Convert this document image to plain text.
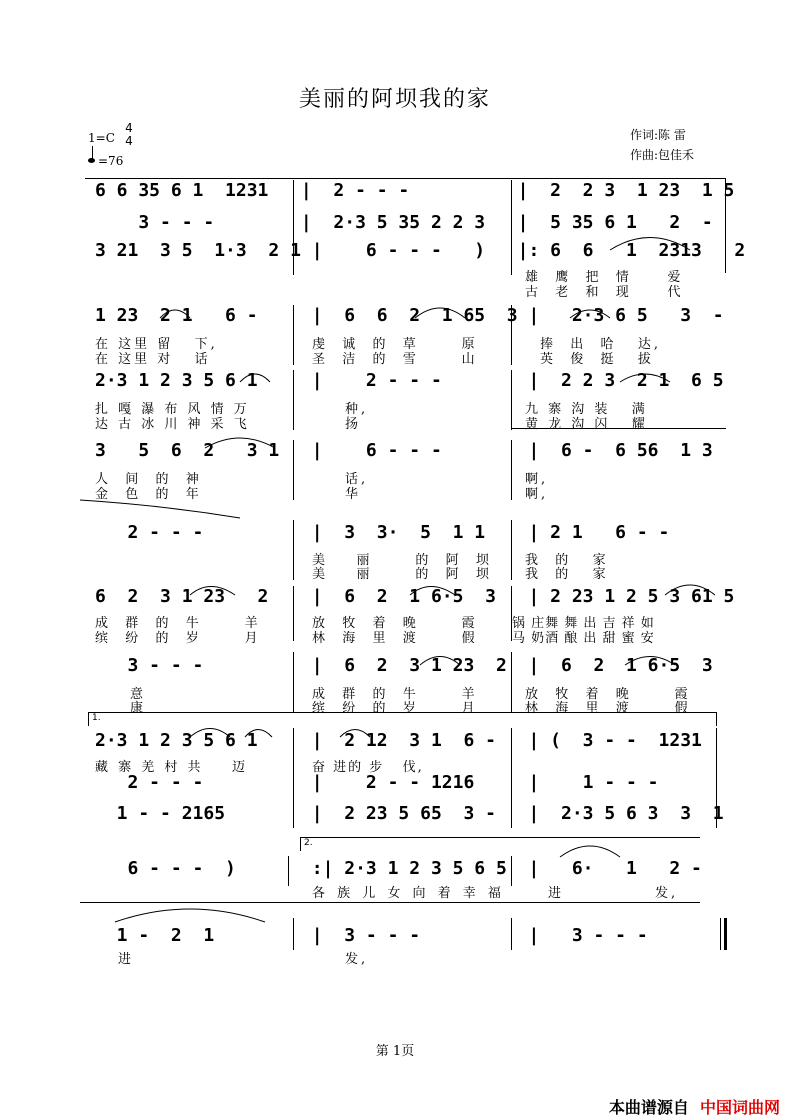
美丽的阿坝我的家
1=C
4
4
=76
作词:陈 雷
作曲:包佳禾
6 6 35 6 1  1231   |  2 - - -          |  2  2 3  1 23  1 5
3 - - -        |  2·3 5 35 2 2 3   |  5 35 6 1   2  -
3 21  3 5  1·3  2 1 |    6 - - -   )   |: 6  6   1  2313   2
雄  鹰  把  情     爱
古  老  和  现     代
1 23  2 1   6 -     |  6  6  2  1 65  3 |   2·3 6 5   3  -
在 这里 留   下,
在 这里 对   话
虔  诚  的  草      原
圣  洁  的  雪      山
捧  出  哈   达,
英  俊  挺   拔
2·3 1 2 3 5 6 1     |    2 - - -        |  2 2 3  2 1  6 5
扎 嘎 瀑 布 风 情 万
达 古 冰 川 神 采 飞
种,
扬
九 寨 沟 装   满
黄 龙 沟 闪   耀
3   5  6  2   3 1   |    6 - - -        |  6 -  6 56  1 3
人  间  的  神
金  色  的  年
话,
华
啊,
啊,
2 - - -          |  3  3·  5  1 1    | 2 1   6 - -
美    丽      的  阿  坝
美    丽      的  阿  坝
我  的   家
我  的   家
6  2  3 1 23   2    |  6  2  1 6·5  3   | 2 23 1 2 5 3 61 5
成  群  的  牛      羊
缤  纷  的  岁      月
放  牧  着  晚      霞
林  海  里  渡      假
锅 庄舞 舞 出 吉 祥 如
马 奶酒 酿 出 甜 蜜 安
3 - - -          |  6  2  3 1 23  2  |  6  2  1 6·5  3
意
康
成  群  的  牛      羊
缤  纷  的  岁      月
放  牧  着  晚      霞
林  海  里  渡      假
1.
2·3 1 2 3 5 6 1     |  2 12  3 1  6 -   | (  3 - -  1231
藏 寨 羌 村 共    迈	奋 进的 步   伐,
2 - - -          |    2 - - 1216     |    1 - - -
1 - - 2165        |  2 23 5 65  3 -   |  2·3 5 6 3  3  1
2.
6 - - -  )       :| 2·3 1 2 3 5 6 5  |   6·   1   2 -
各 族 儿 女 向 着 幸 福	进	发,
1 -  2  1         |  3 - - -          |   3 - - -
进	发,
第 1页
本曲谱源自 中国词曲网
